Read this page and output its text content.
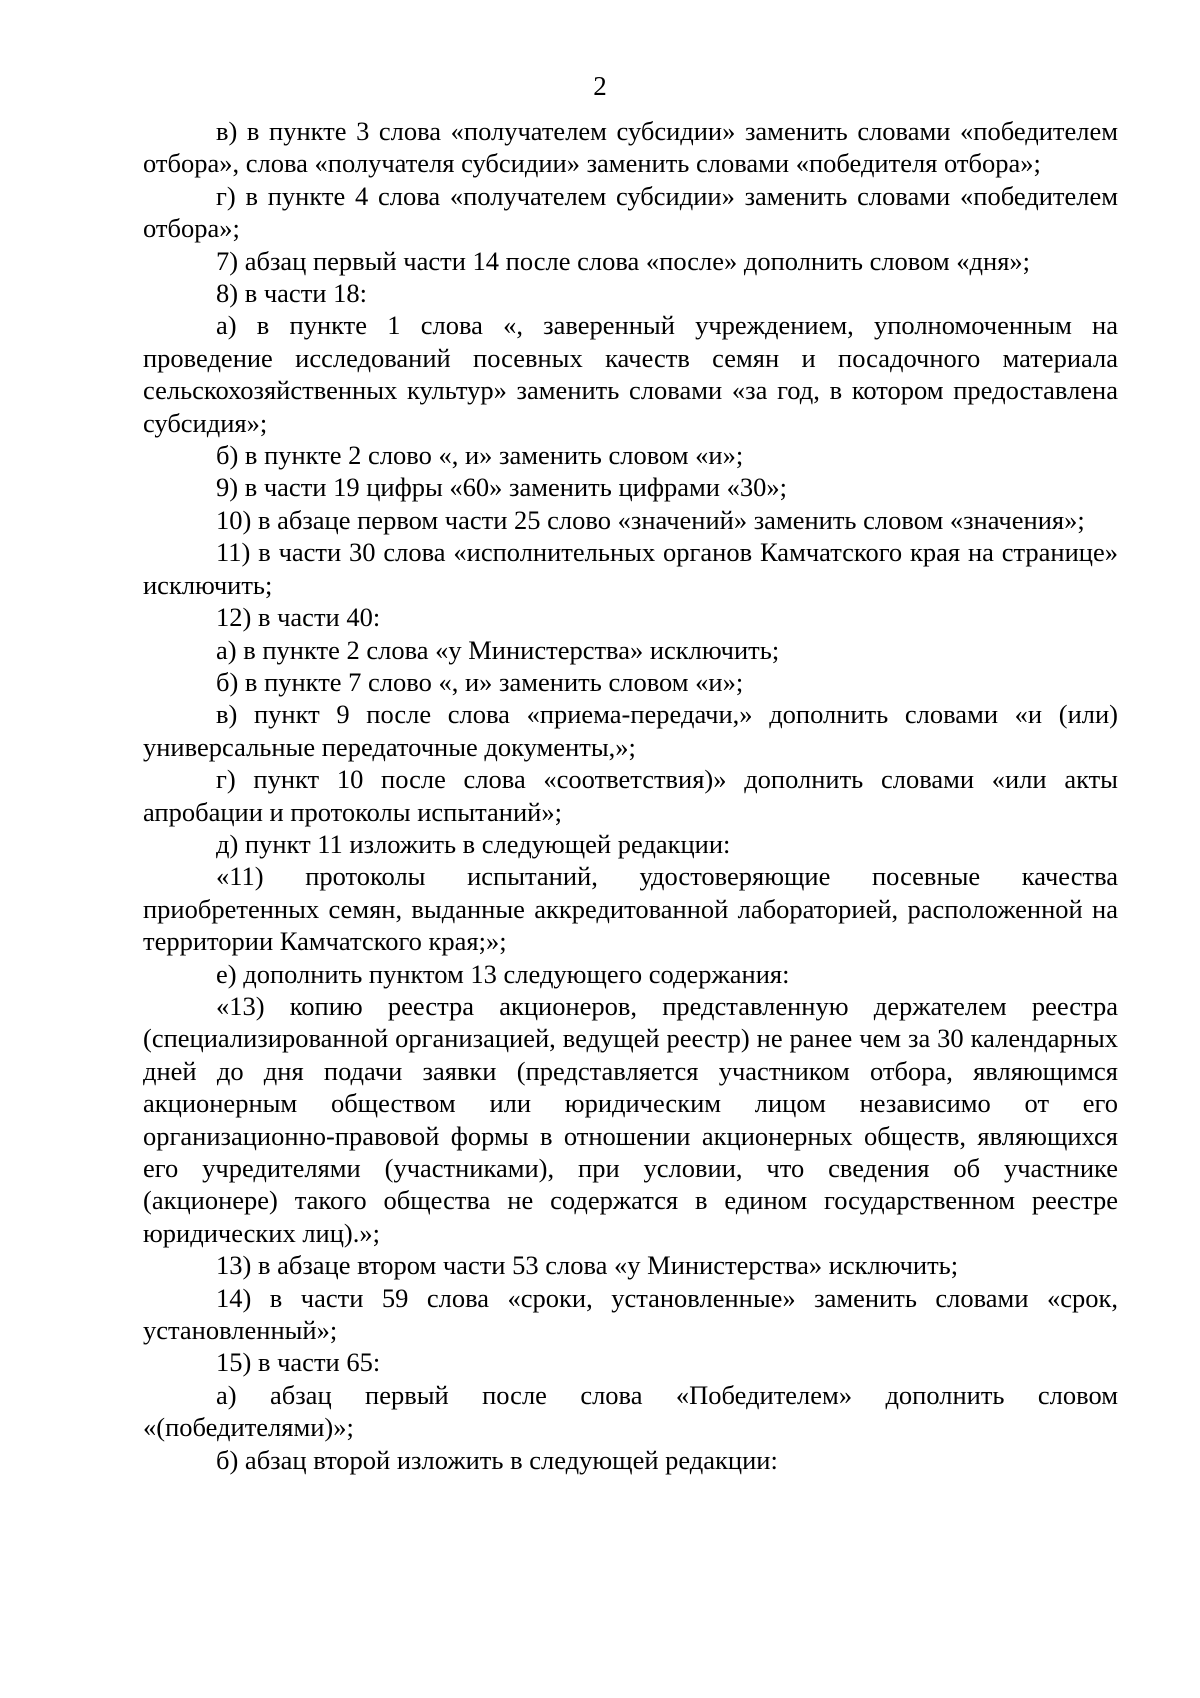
2

в) в пункте 3 слова «получателем субсидии» заменить словами «победителем отбора», слова «получателя субсидии» заменить словами «победителя отбора»;

г) в пункте 4 слова «получателем субсидии» заменить словами «победителем отбора»;

7) абзац первый части 14 после слова «после» дополнить словом «дня»;

8) в части 18:

а) в пункте 1 слова «, заверенный учреждением, уполномоченным на проведение исследований посевных качеств семян и посадочного материала сельскохозяйственных культур» заменить словами «за год, в котором предоставлена субсидия»;

б) в пункте 2 слово «, и» заменить словом «и»;

9) в части 19 цифры «60» заменить цифрами «30»;

10) в абзаце первом части 25 слово «значений» заменить словом «значения»;

11) в части 30 слова «исполнительных органов Камчатского края на странице» исключить;

12) в части 40:

а) в пункте 2 слова «у Министерства» исключить;

б) в пункте 7 слово «, и» заменить словом «и»;

в) пункт 9 после слова «приема-передачи,» дополнить словами «и (или) универсальные передаточные документы,»;

г) пункт 10 после слова «соответствия)» дополнить словами «или акты апробации и протоколы испытаний»;

д) пункт 11 изложить в следующей редакции:

«11) протоколы испытаний, удостоверяющие посевные качества приобретенных семян, выданные аккредитованной лабораторией, расположенной на территории Камчатского края;»;

е) дополнить пунктом 13 следующего содержания:

«13) копию реестра акционеров, представленную держателем реестра (специализированной организацией, ведущей реестр) не ранее чем за 30 календарных дней до дня подачи заявки (представляется участником отбора, являющимся акционерным обществом или юридическим лицом независимо от его организационно-правовой формы в отношении акционерных обществ, являющихся его учредителями (участниками), при условии, что сведения об участнике (акционере) такого общества не содержатся в едином государственном реестре юридических лиц).»;

13) в абзаце втором части 53 слова «у Министерства» исключить;

14) в части 59 слова «сроки, установленные» заменить словами «срок, установленный»;

15) в части 65:

а) абзац первый после слова «Победителем» дополнить словом «(победителями)»;

б) абзац второй изложить в следующей редакции:
